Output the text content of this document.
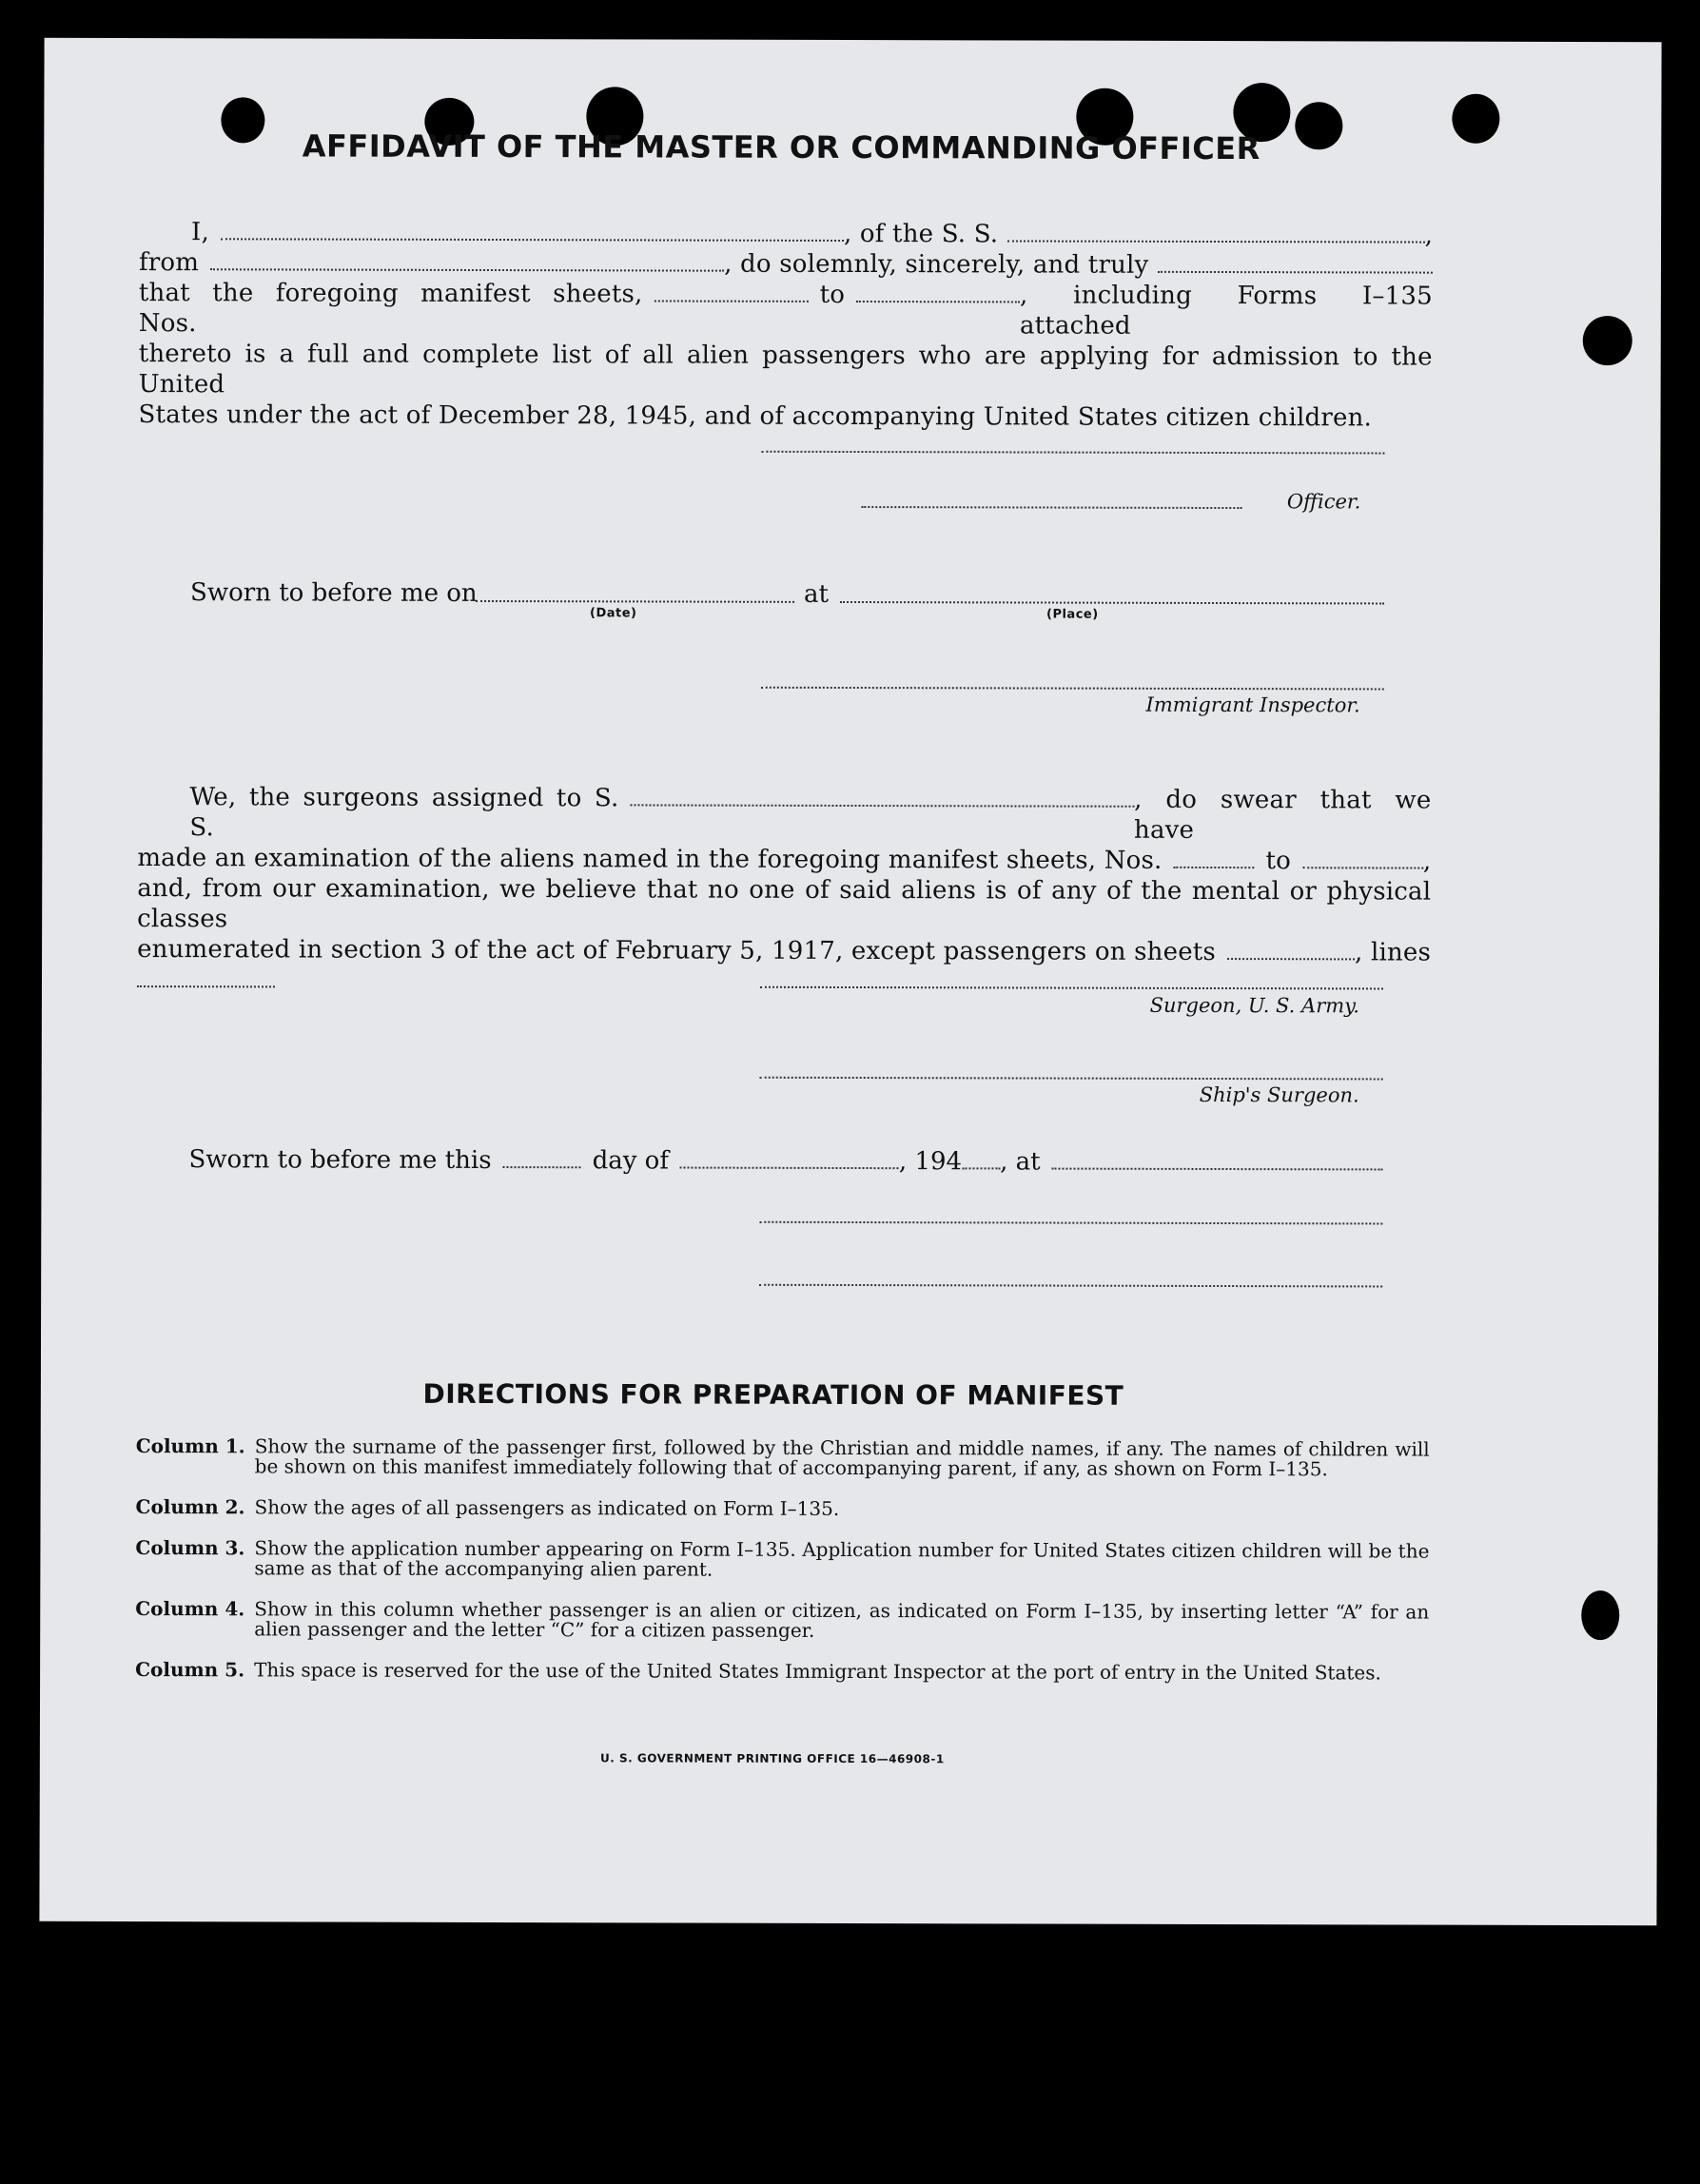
AFFIDAVIT OF THE MASTER OR COMMANDING OFFICER
I,	, of the S. S.	,
from	, do solemnly, sincerely, and truly
that the foregoing manifest sheets, Nos.
to	, including Forms I–135 attached
thereto is a full and complete list of all alien passengers who are applying for admission to the United
States under the act of December 28, 1945, and of accompanying United States citizen children.
Officer.
Sworn to before me on
(Date)
at
(Place)
Immigrant Inspector.
We, the surgeons assigned to S. S.
, do swear that we have
made an examination of the aliens named in the foregoing manifest sheets, Nos.	to	,
and, from our examination, we believe that no one of said aliens is of any of the mental or physical classes
enumerated in section 3 of the act of February 5, 1917, except passengers on sheets	, lines
Surgeon, U. S. Army.
Ship's Surgeon.
Sworn to before me this	day of	, 194 , at
DIRECTIONS FOR PREPARATION OF MANIFEST
Column 1. Show the surname of the passenger first, followed by the Christian and middle names, if any. The names of children will be shown on this manifest immediately following that of accompanying parent, if any, as shown on Form I–135.
Column 2. Show the ages of all passengers as indicated on Form I–135.
Column 3. Show the application number appearing on Form I–135. Application number for United States citizen children will be the same as that of the accompanying alien parent.
Column 4. Show in this column whether passenger is an alien or citizen, as indicated on Form I–135, by inserting letter “A” for an alien passenger and the letter “C” for a citizen passenger.
Column 5. This space is reserved for the use of the United States Immigrant Inspector at the port of entry in the United States.
U. S. GOVERNMENT PRINTING OFFICE 16—46908-1
